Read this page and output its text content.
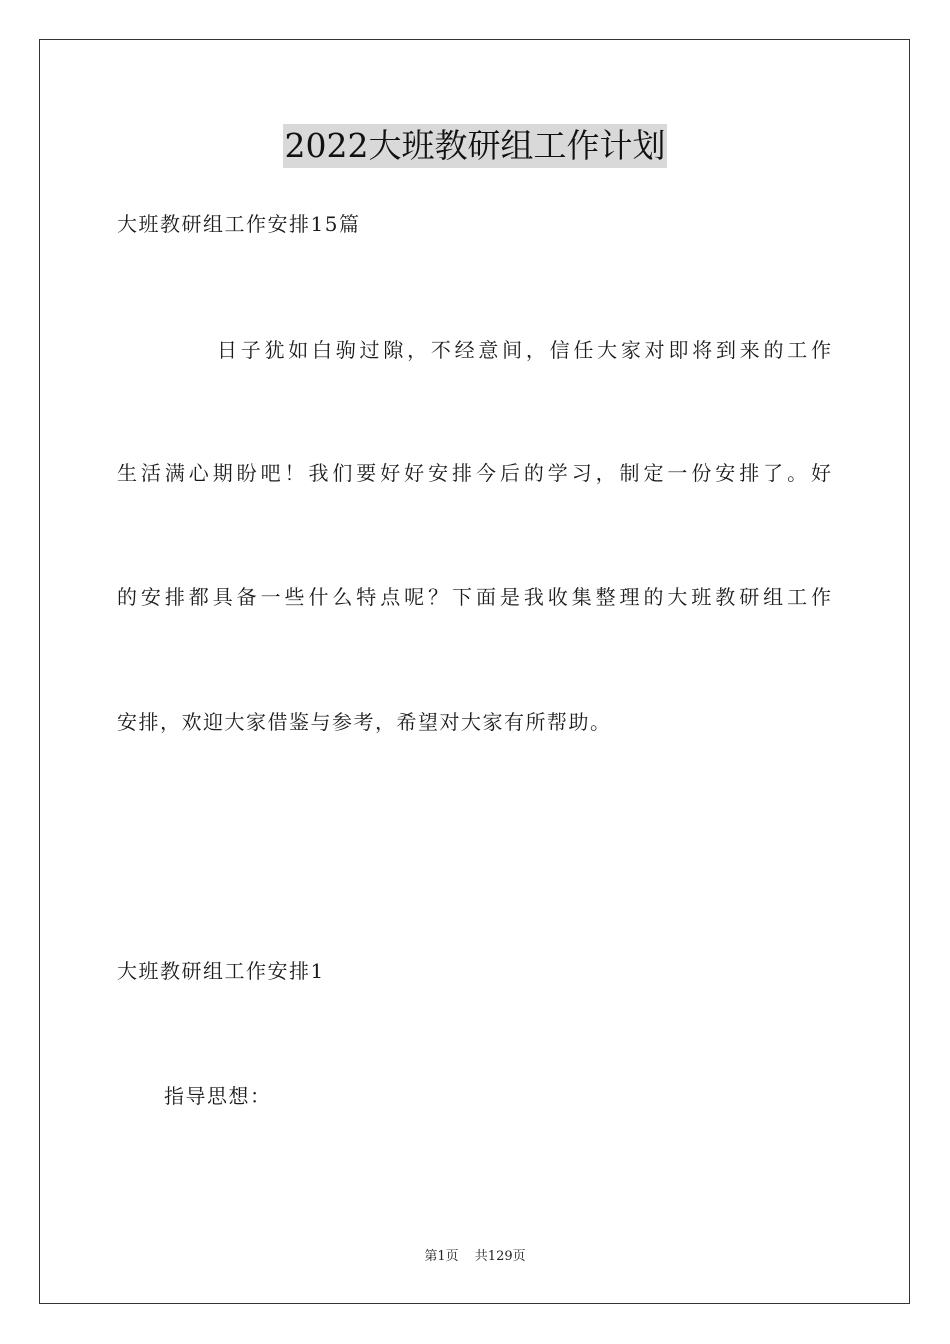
2022大班教研组工作计划
大班教研组工作安排15篇
日子犹如白驹过隙，不经意间，信任大家对即将到来的工作
生活满心期盼吧！我们要好好安排今后的学习，制定一份安排了。好
的安排都具备一些什么特点呢？下面是我收集整理的大班教研组工作
安排，欢迎大家借鉴与参考，希望对大家有所帮助。
大班教研组工作安排1
指导思想：
第1页 共129页
